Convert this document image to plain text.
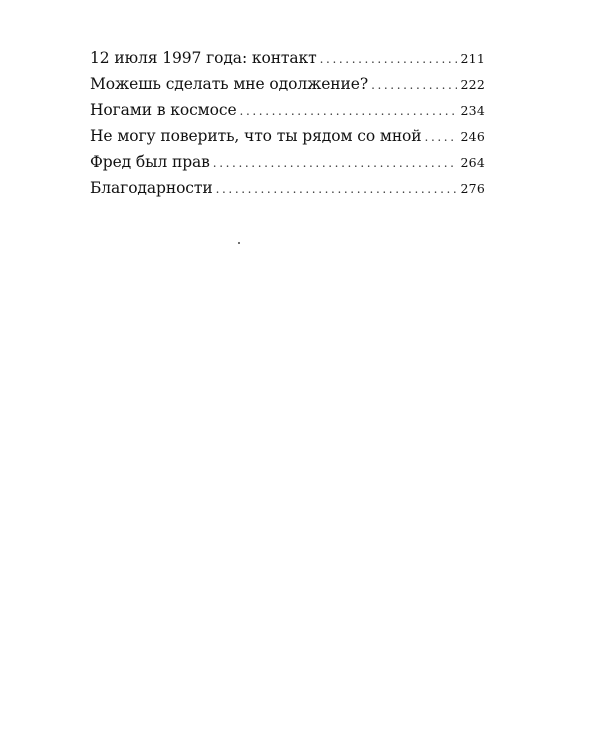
12 июля 1997 года: контакт .....	211
Можешь сделать мне одолжение? .....	222
Ногами в космосе .....	234
Не могу поверить, что ты рядом со мной .....	246
Фред был прав .....	264
Благодарности .....	276
